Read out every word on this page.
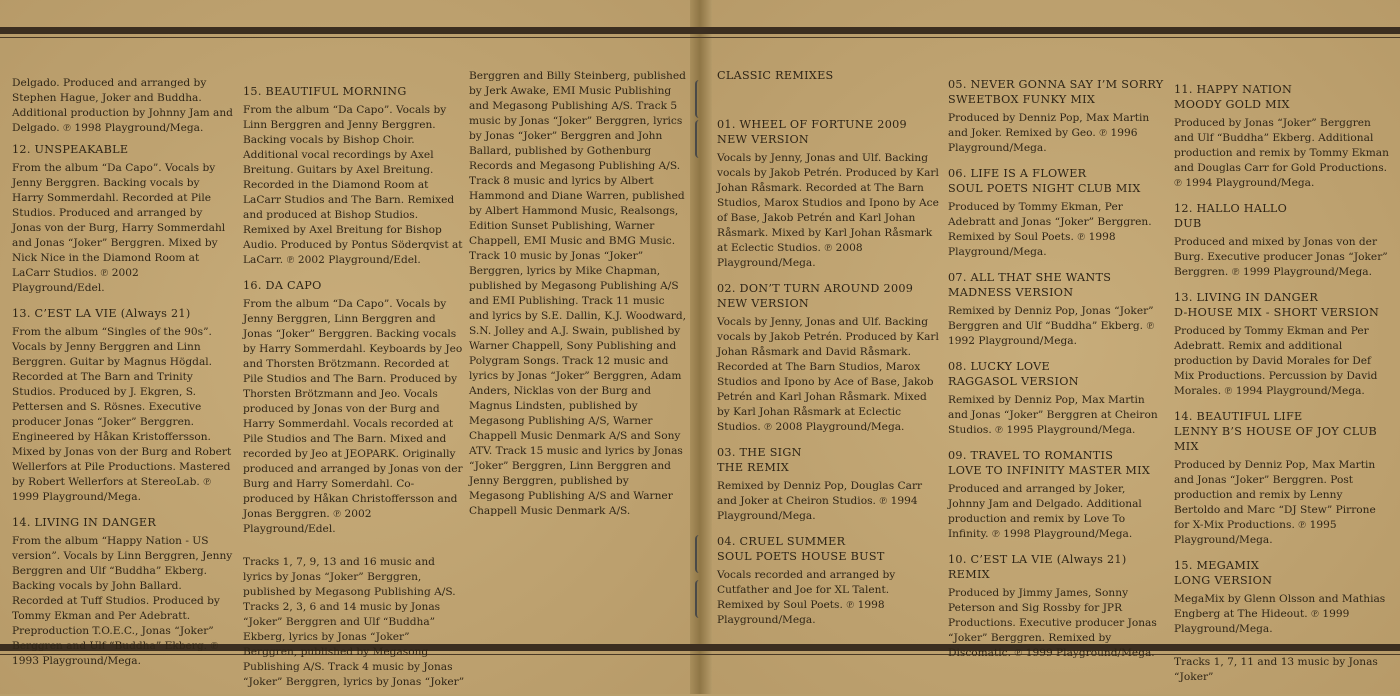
Delgado. Produced and arranged by Stephen Hague, Joker and Buddha. Additional production by Johnny Jam and Delgado. ℗ 1998 Playground/Mega.

12. UNSPEAKABLE

From the album “Da Capo”. Vocals by Jenny Berggren. Backing vocals by Harry Sommerdahl. Recorded at Pile Studios. Produced and arranged by Jonas von der Burg, Harry Sommerdahl and Jonas “Joker” Berggren. Mixed by Nick Nice in the Diamond Room at LaCarr Studios. ℗ 2002 Playground/Edel.

13. C’EST LA VIE (Always 21)

From the album “Singles of the 90s”. Vocals by Jenny Berggren and Linn Berggren. Guitar by Magnus Högdal. Recorded at The Barn and Trinity Studios. Produced by J. Ekgren, S. Pettersen and S. Rösnes. Executive producer Jonas “Joker” Berggren. Engineered by Håkan Kristoffersson. Mixed by Jonas von der Burg and Robert Wellerfors at Pile Productions. Mastered by Robert Wellerfors at StereoLab. ℗ 1999 Playground/Mega.

14. LIVING IN DANGER

From the album “Happy Nation - US version”. Vocals by Linn Berggren, Jenny Berggren and Ulf “Buddha” Ekberg. Backing vocals by John Ballard. Recorded at Tuff Studios. Produced by Tommy Ekman and Per Adebratt. Preproduction T.O.E.C., Jonas “Joker” Berggren and Ulf “Buddha” Ekberg. ℗ 1993 Playground/Mega.

15. BEAUTIFUL MORNING

From the album “Da Capo”. Vocals by Linn Berggren and Jenny Berggren. Backing vocals by Bishop Choir. Additional vocal recordings by Axel Breitung. Guitars by Axel Breitung. Recorded in the Diamond Room at LaCarr Studios and The Barn. Remixed and produced at Bishop Studios. Remixed by Axel Breitung for Bishop Audio. Produced by Pontus Söderqvist at LaCarr. ℗ 2002 Playground/Edel.

16. DA CAPO

From the album “Da Capo”. Vocals by Jenny Berggren, Linn Berggren and Jonas “Joker” Berggren. Backing vocals by Harry Sommerdahl. Keyboards by Jeo and Thorsten Brötzmann. Recorded at Pile Studios and The Barn. Produced by Thorsten Brötzmann and Jeo. Vocals produced by Jonas von der Burg and Harry Sommerdahl. Vocals recorded at Pile Studios and The Barn. Mixed and recorded by Jeo at JEOPARK. Originally produced and arranged by Jonas von der Burg and Harry Somerdahl. Co-produced by Håkan Christoffersson and Jonas Berggren. ℗ 2002 Playground/Edel.

Tracks 1, 7, 9, 13 and 16 music and lyrics by Jonas “Joker” Berggren, published by Megasong Publishing A/S. Tracks 2, 3, 6 and 14 music by Jonas “Joker” Berggren and Ulf “Buddha” Ekberg, lyrics by Jonas “Joker” Berggren, published by Megasong Publishing A/S. Track 4 music by Jonas “Joker” Berggren, lyrics by Jonas “Joker”

Berggren and Billy Steinberg, published by Jerk Awake, EMI Music Publishing and Megasong Publishing A/S. Track 5 music by Jonas “Joker” Berggren, lyrics by Jonas “Joker” Berggren and John Ballard, published by Gothenburg Records and Megasong Publishing A/S. Track 8 music and lyrics by Albert Hammond and Diane Warren, published by Albert Hammond Music, Realsongs, Edition Sunset Publishing, Warner Chappell, EMI Music and BMG Music. Track 10 music by Jonas “Joker” Berggren, lyrics by Mike Chapman, published by Megasong Publishing A/S and EMI Publishing. Track 11 music and lyrics by S.E. Dallin, K.J. Woodward, S.N. Jolley and A.J. Swain, published by Warner Chappell, Sony Publishing and Polygram Songs. Track 12 music and lyrics by Jonas “Joker” Berggren, Adam Anders, Nicklas von der Burg and Magnus Lindsten, published by Megasong Publishing A/S, Warner Chappell Music Denmark A/S and Sony ATV. Track 15 music and lyrics by Jonas “Joker” Berggren, Linn Berggren and Jenny Berggren, published by Megasong Publishing A/S and Warner Chappell Music Denmark A/S.

CLASSIC REMIXES
01. WHEEL OF FORTUNE 2009
NEW VERSION

Vocals by Jenny, Jonas and Ulf. Backing vocals by Jakob Petrén. Produced by Karl Johan Råsmark. Recorded at The Barn Studios, Marox Studios and Ipono by Ace of Base, Jakob Petrén and Karl Johan Råsmark. Mixed by Karl Johan Råsmark at Eclectic Studios. ℗ 2008 Playground/Mega.

02. DON’T TURN AROUND 2009
NEW VERSION

Vocals by Jenny, Jonas and Ulf. Backing vocals by Jakob Petrén. Produced by Karl Johan Råsmark and David Råsmark. Recorded at The Barn Studios, Marox Studios and Ipono by Ace of Base, Jakob Petrén and Karl Johan Råsmark. Mixed by Karl Johan Råsmark at Eclectic Studios. ℗ 2008 Playground/Mega.

03. THE SIGN
THE REMIX

Remixed by Denniz Pop, Douglas Carr and Joker at Cheiron Studios. ℗ 1994 Playground/Mega.

04. CRUEL SUMMER
SOUL POETS HOUSE BUST

Vocals recorded and arranged by Cutfather and Joe for XL Talent. Remixed by Soul Poets. ℗ 1998 Playground/Mega.

05. NEVER GONNA SAY I’M SORRY
SWEETBOX FUNKY MIX

Produced by Denniz Pop, Max Martin and Joker. Remixed by Geo. ℗ 1996 Playground/Mega.

06. LIFE IS A FLOWER
SOUL POETS NIGHT CLUB MIX

Produced by Tommy Ekman, Per Adebratt and Jonas “Joker” Berggren. Remixed by Soul Poets. ℗ 1998 Playground/Mega.

07. ALL THAT SHE WANTS
MADNESS VERSION

Remixed by Denniz Pop, Jonas “Joker” Berggren and Ulf “Buddha” Ekberg. ℗ 1992 Playground/Mega.

08. LUCKY LOVE
RAGGASOL VERSION

Remixed by Denniz Pop, Max Martin and Jonas “Joker” Berggren at Cheiron Studios. ℗ 1995 Playground/Mega.

09. TRAVEL TO ROMANTIS
LOVE TO INFINITY MASTER MIX

Produced and arranged by Joker, Johnny Jam and Delgado. Additional production and remix by Love To Infinity. ℗ 1998 Playground/Mega.

10. C’EST LA VIE (Always 21)
REMIX

Produced by Jimmy James, Sonny Peterson and Sig Rossby for JPR Productions. Executive producer Jonas “Joker” Berggren. Remixed by Discomatic. ℗ 1999 Playground/Mega.

11. HAPPY NATION
MOODY GOLD MIX

Produced by Jonas “Joker” Berggren and Ulf “Buddha” Ekberg. Additional production and remix by Tommy Ekman and Douglas Carr for Gold Productions. ℗ 1994 Playground/Mega.

12. HALLO HALLO
DUB

Produced and mixed by Jonas von der Burg. Executive producer Jonas “Joker” Berggren. ℗ 1999 Playground/Mega.

13. LIVING IN DANGER
D-HOUSE MIX - SHORT VERSION

Produced by Tommy Ekman and Per Adebratt. Remix and additional production by David Morales for Def Mix Productions. Percussion by David Morales. ℗ 1994 Playground/Mega.

14. BEAUTIFUL LIFE
LENNY B’S HOUSE OF JOY CLUB MIX

Produced by Denniz Pop, Max Martin and Jonas “Joker” Berggren. Post production and remix by Lenny Bertoldo and Marc “DJ Stew” Pirrone for X-Mix Productions. ℗ 1995 Playground/Mega.

15. MEGAMIX
LONG VERSION

MegaMix by Glenn Olsson and Mathias Engberg at The Hideout. ℗ 1999 Playground/Mega.

Tracks 1, 7, 11 and 13 music by Jonas “Joker”
